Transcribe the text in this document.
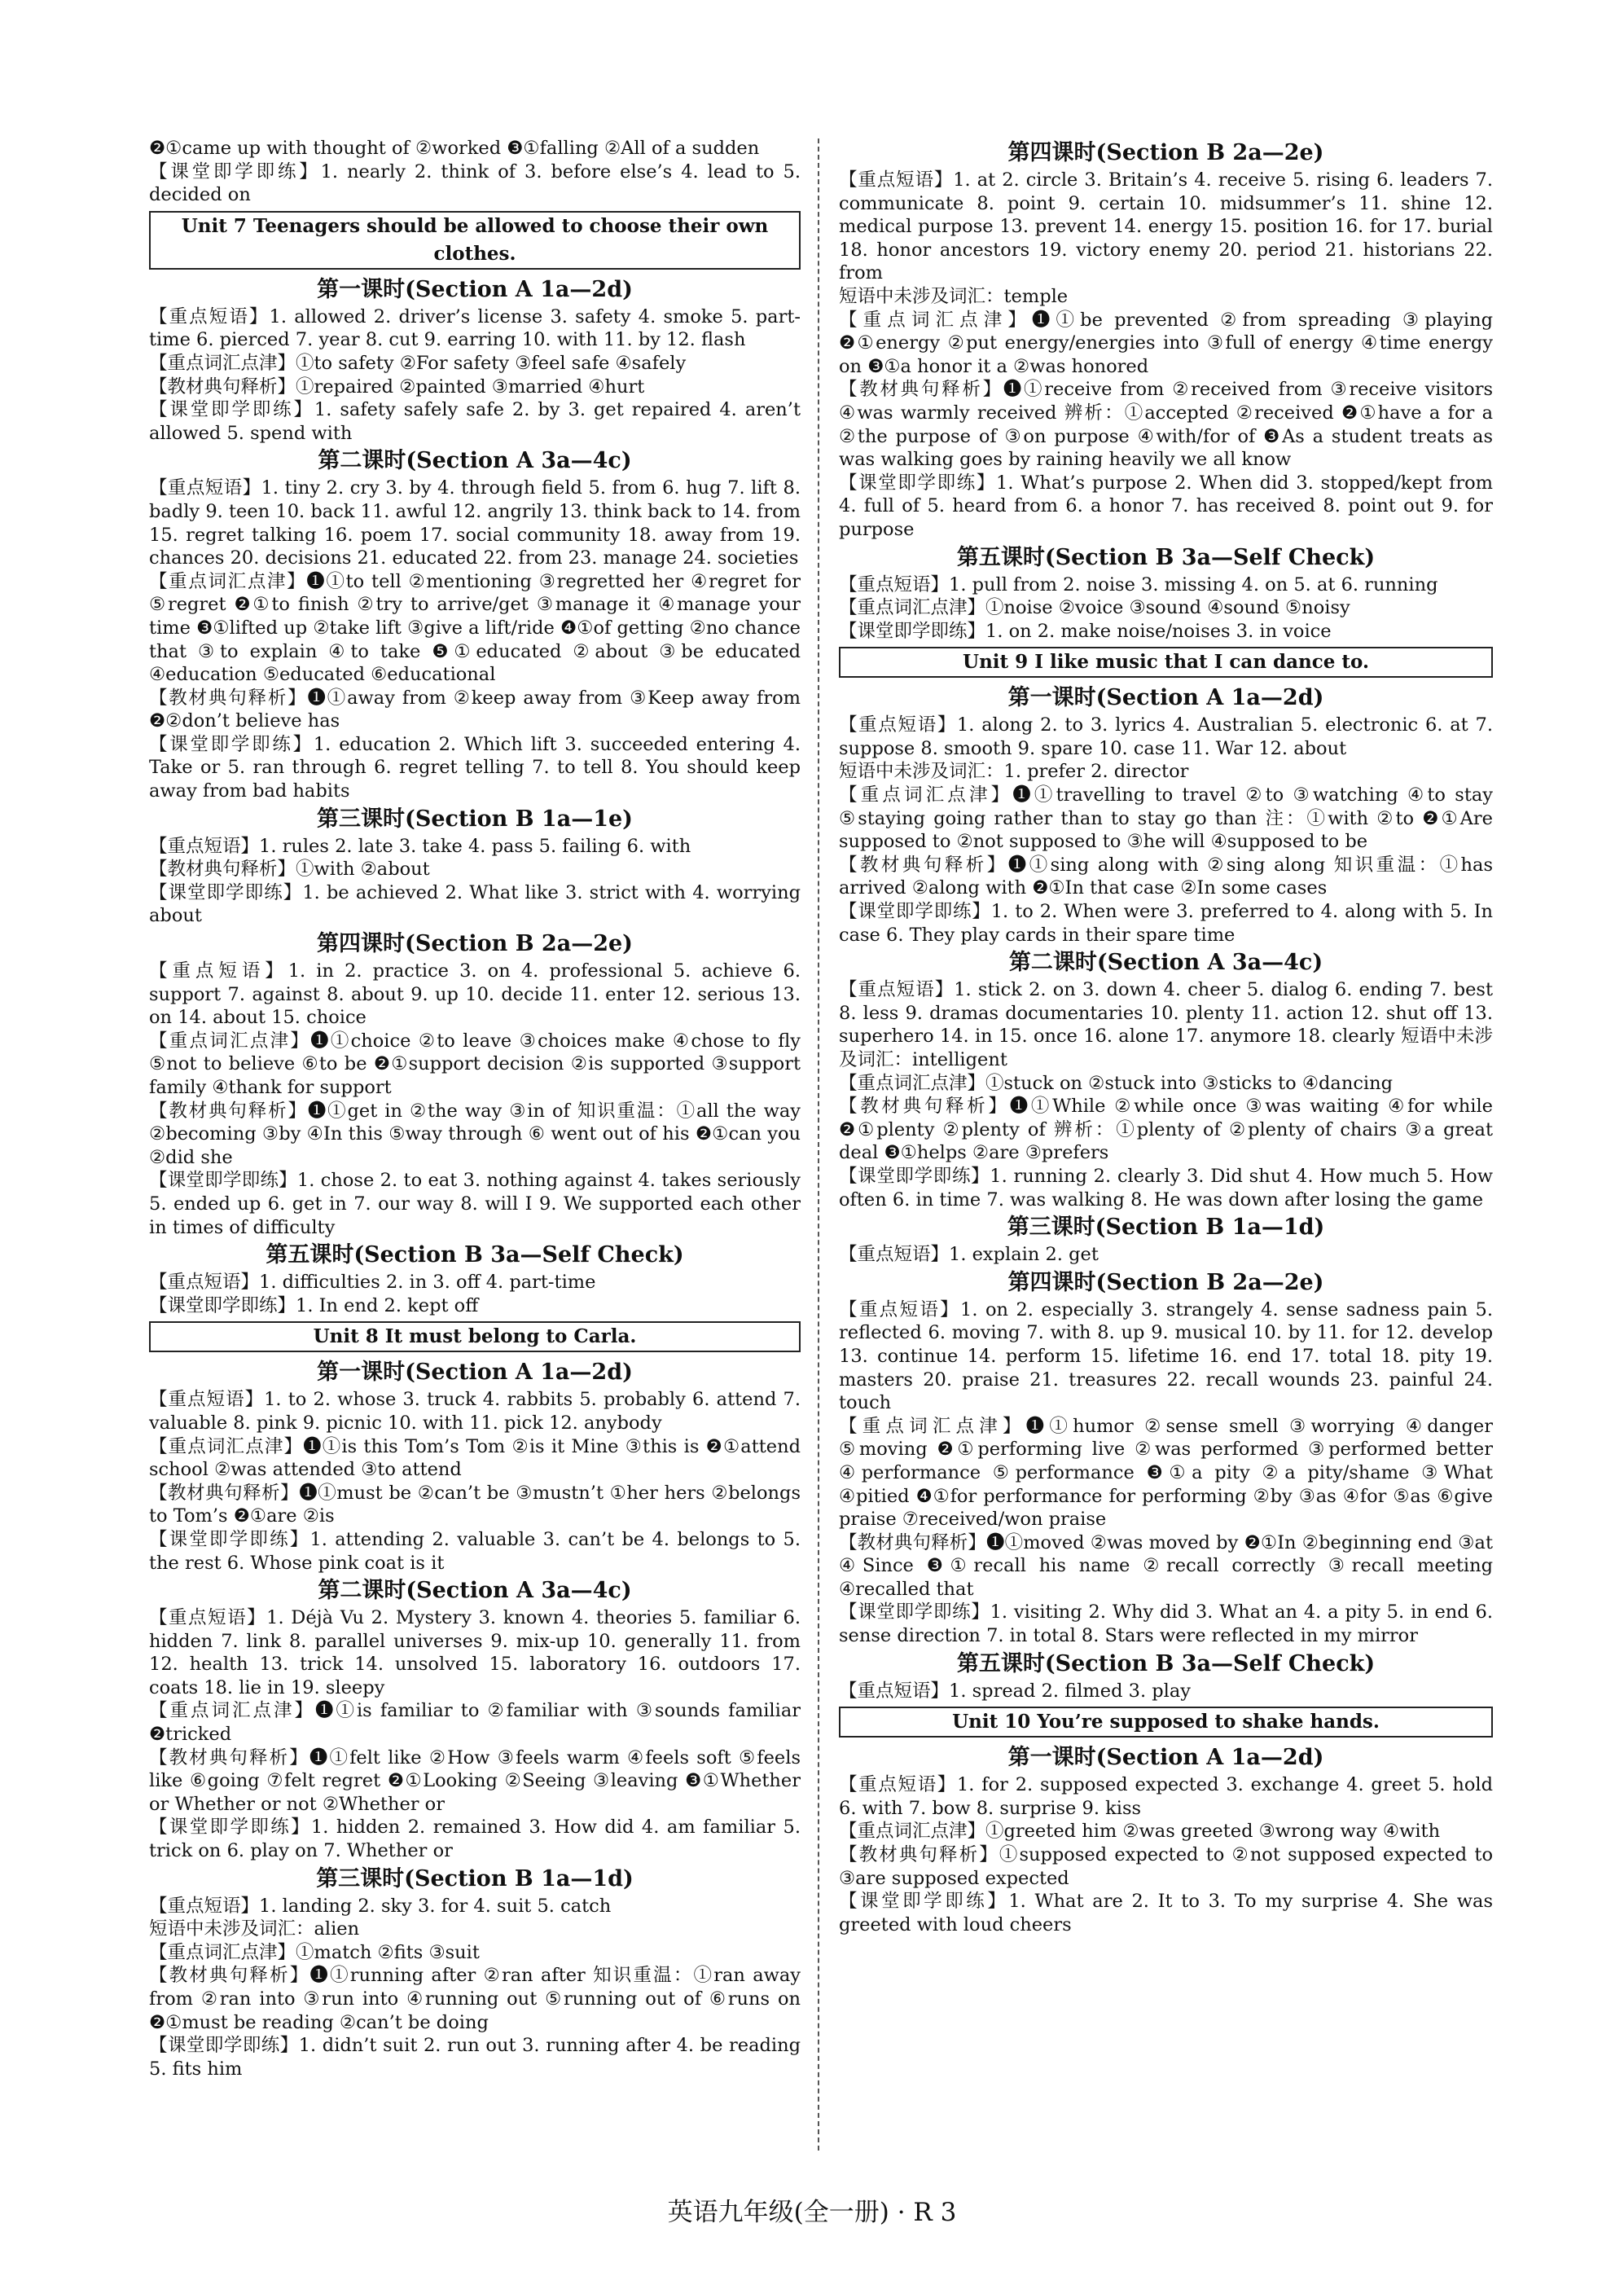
❷①came up with thought of ②worked ❸①falling ②All of a sudden
【课堂即学即练】1. nearly 2. think of 3. before else’s 4. lead to 5. decided on
Unit 7 Teenagers should be allowed to choose their own clothes.
第一课时(Section A 1a—2d)
【重点短语】1. allowed 2. driver’s license 3. safety 4. smoke 5. part-time 6. pierced 7. year 8. cut 9. earring 10. with 11. by 12. flash
【重点词汇点津】①to safety ②For safety ③feel safe ④safely
【教材典句释析】①repaired ②painted ③married ④hurt
【课堂即学即练】1. safety safely safe 2. by 3. get repaired 4. aren’t allowed 5. spend with
第二课时(Section A 3a—4c)
【重点短语】1. tiny 2. cry 3. by 4. through field 5. from 6. hug 7. lift 8. badly 9. teen 10. back 11. awful 12. angrily 13. think back to 14. from 15. regret talking 16. poem 17. social community 18. away from 19. chances 20. decisions 21. educated 22. from 23. manage 24. societies
【重点词汇点津】❶①to tell ②mentioning ③regretted her ④regret for ⑤regret ❷①to finish ②try to arrive/get ③manage it ④manage your time ❸①lifted up ②take lift ③give a lift/ride ❹①of getting ②no chance that ③to explain ④to take ❺①educated ②about ③be educated ④education ⑤educated ⑥educational
【教材典句释析】❶①away from ②keep away from ③Keep away from ❷②don’t believe has
【课堂即学即练】1. education 2. Which lift 3. succeeded entering 4. Take or 5. ran through 6. regret telling 7. to tell 8. You should keep away from bad habits
第三课时(Section B 1a—1e)
【重点短语】1. rules 2. late 3. take 4. pass 5. failing 6. with
【教材典句释析】①with ②about
【课堂即学即练】1. be achieved 2. What like 3. strict with 4. worrying about
第四课时(Section B 2a—2e)
【重点短语】1. in 2. practice 3. on 4. professional 5. achieve 6. support 7. against 8. about 9. up 10. decide 11. enter 12. serious 13. on 14. about 15. choice
【重点词汇点津】❶①choice ②to leave ③choices make ④chose to fly ⑤not to believe ⑥to be ❷①support decision ②is supported ③support family ④thank for support
【教材典句释析】❶①get in ②the way ③in of 知识重温：①all the way ②becoming ③by ④In this ⑤way through ⑥ went out of his ❷①can you ②did she
【课堂即学即练】1. chose 2. to eat 3. nothing against 4. takes seriously 5. ended up 6. get in 7. our way 8. will I 9. We supported each other in times of difficulty
第五课时(Section B 3a—Self Check)
【重点短语】1. difficulties 2. in 3. off 4. part-time
【课堂即学即练】1. In end 2. kept off
Unit 8 It must belong to Carla.
第一课时(Section A 1a—2d)
【重点短语】1. to 2. whose 3. truck 4. rabbits 5. probably 6. attend 7. valuable 8. pink 9. picnic 10. with 11. pick 12. anybody
【重点词汇点津】❶①is this Tom’s Tom ②is it Mine ③this is ❷①attend school ②was attended ③to attend
【教材典句释析】❶①must be ②can’t be ③mustn’t ①her hers ②belongs to Tom’s ❷①are ②is
【课堂即学即练】1. attending 2. valuable 3. can’t be 4. belongs to 5. the rest 6. Whose pink coat is it
第二课时(Section A 3a—4c)
【重点短语】1. Déjà Vu 2. Mystery 3. known 4. theories 5. familiar 6. hidden 7. link 8. parallel universes 9. mix-up 10. generally 11. from 12. health 13. trick 14. unsolved 15. laboratory 16. outdoors 17. coats 18. lie in 19. sleepy
【重点词汇点津】❶①is familiar to ②familiar with ③sounds familiar ❷tricked
【教材典句释析】❶①felt like ②How ③feels warm ④feels soft ⑤feels like ⑥going ⑦felt regret ❷①Looking ②Seeing ③leaving ❸①Whether or Whether or not ②Whether or
【课堂即学即练】1. hidden 2. remained 3. How did 4. am familiar 5. trick on 6. play on 7. Whether or
第三课时(Section B 1a—1d)
【重点短语】1. landing 2. sky 3. for 4. suit 5. catch
短语中未涉及词汇：alien
【重点词汇点津】①match ②fits ③suit
【教材典句释析】❶①running after ②ran after 知识重温：①ran away from ②ran into ③run into ④running out ⑤running out of ⑥runs on ❷①must be reading ②can’t be doing
【课堂即学即练】1. didn’t suit 2. run out 3. running after 4. be reading 5. fits him
第四课时(Section B 2a—2e)
【重点短语】1. at 2. circle 3. Britain’s 4. receive 5. rising 6. leaders 7. communicate 8. point 9. certain 10. midsummer’s 11. shine 12. medical purpose 13. prevent 14. energy 15. position 16. for 17. burial 18. honor ancestors 19. victory enemy 20. period 21. historians 22. from
短语中未涉及词汇：temple
【重点词汇点津】❶①be prevented ②from spreading ③playing ❷①energy ②put energy/energies into ③full of energy ④time energy on ❸①a honor it a ②was honored
【教材典句释析】❶①receive from ②received from ③receive visitors ④was warmly received 辨析：①accepted ②received ❷①have a for a ②the purpose of ③on purpose ④with/for of ❸As a student treats as was walking goes by raining heavily we all know
【课堂即学即练】1. What’s purpose 2. When did 3. stopped/kept from 4. full of 5. heard from 6. a honor 7. has received 8. point out 9. for purpose
第五课时(Section B 3a—Self Check)
【重点短语】1. pull from 2. noise 3. missing 4. on 5. at 6. running
【重点词汇点津】①noise ②voice ③sound ④sound ⑤noisy
【课堂即学即练】1. on 2. make noise/noises 3. in voice
Unit 9 I like music that I can dance to.
第一课时(Section A 1a—2d)
【重点短语】1. along 2. to 3. lyrics 4. Australian 5. electronic 6. at 7. suppose 8. smooth 9. spare 10. case 11. War 12. about
短语中未涉及词汇：1. prefer 2. director
【重点词汇点津】❶①travelling to travel ②to ③watching ④to stay ⑤staying going rather than to stay go than 注：①with ②to ❷①Are supposed to ②not supposed to ③he will ④supposed to be
【教材典句释析】❶①sing along with ②sing along 知识重温：①has arrived ②along with ❷①In that case ②In some cases
【课堂即学即练】1. to 2. When were 3. preferred to 4. along with 5. In case 6. They play cards in their spare time
第二课时(Section A 3a—4c)
【重点短语】1. stick 2. on 3. down 4. cheer 5. dialog 6. ending 7. best 8. less 9. dramas documentaries 10. plenty 11. action 12. shut off 13. superhero 14. in 15. once 16. alone 17. anymore 18. clearly 短语中未涉及词汇：intelligent
【重点词汇点津】①stuck on ②stuck into ③sticks to ④dancing
【教材典句释析】❶①While ②while once ③was waiting ④for while ❷①plenty ②plenty of 辨析：①plenty of ②plenty of chairs ③a great deal ❸①helps ②are ③prefers
【课堂即学即练】1. running 2. clearly 3. Did shut 4. How much 5. How often 6. in time 7. was walking 8. He was down after losing the game
第三课时(Section B 1a—1d)
【重点短语】1. explain 2. get
第四课时(Section B 2a—2e)
【重点短语】1. on 2. especially 3. strangely 4. sense sadness pain 5. reflected 6. moving 7. with 8. up 9. musical 10. by 11. for 12. develop 13. continue 14. perform 15. lifetime 16. end 17. total 18. pity 19. masters 20. praise 21. treasures 22. recall wounds 23. painful 24. touch
【重点词汇点津】❶①humor ②sense smell ③worrying ④danger ⑤moving ❷①performing live ②was performed ③performed better ④performance ⑤performance ❸①a pity ②a pity/shame ③What ④pitied ❹①for performance for performing ②by ③as ④for ⑤as ⑥give praise ⑦received/won praise
【教材典句释析】❶①moved ②was moved by ❷①In ②beginning end ③at ④Since ❸①recall his name ②recall correctly ③recall meeting ④recalled that
【课堂即学即练】1. visiting 2. Why did 3. What an 4. a pity 5. in end 6. sense direction 7. in total 8. Stars were reflected in my mirror
第五课时(Section B 3a—Self Check)
【重点短语】1. spread 2. filmed 3. play
Unit 10 You’re supposed to shake hands.
第一课时(Section A 1a—2d)
【重点短语】1. for 2. supposed expected 3. exchange 4. greet 5. hold 6. with 7. bow 8. surprise 9. kiss
【重点词汇点津】①greeted him ②was greeted ③wrong way ④with
【教材典句释析】①supposed expected to ②not supposed expected to ③are supposed expected
【课堂即学即练】1. What are 2. It to 3. To my surprise 4. She was greeted with loud cheers
英语九年级(全一册) · R 3
